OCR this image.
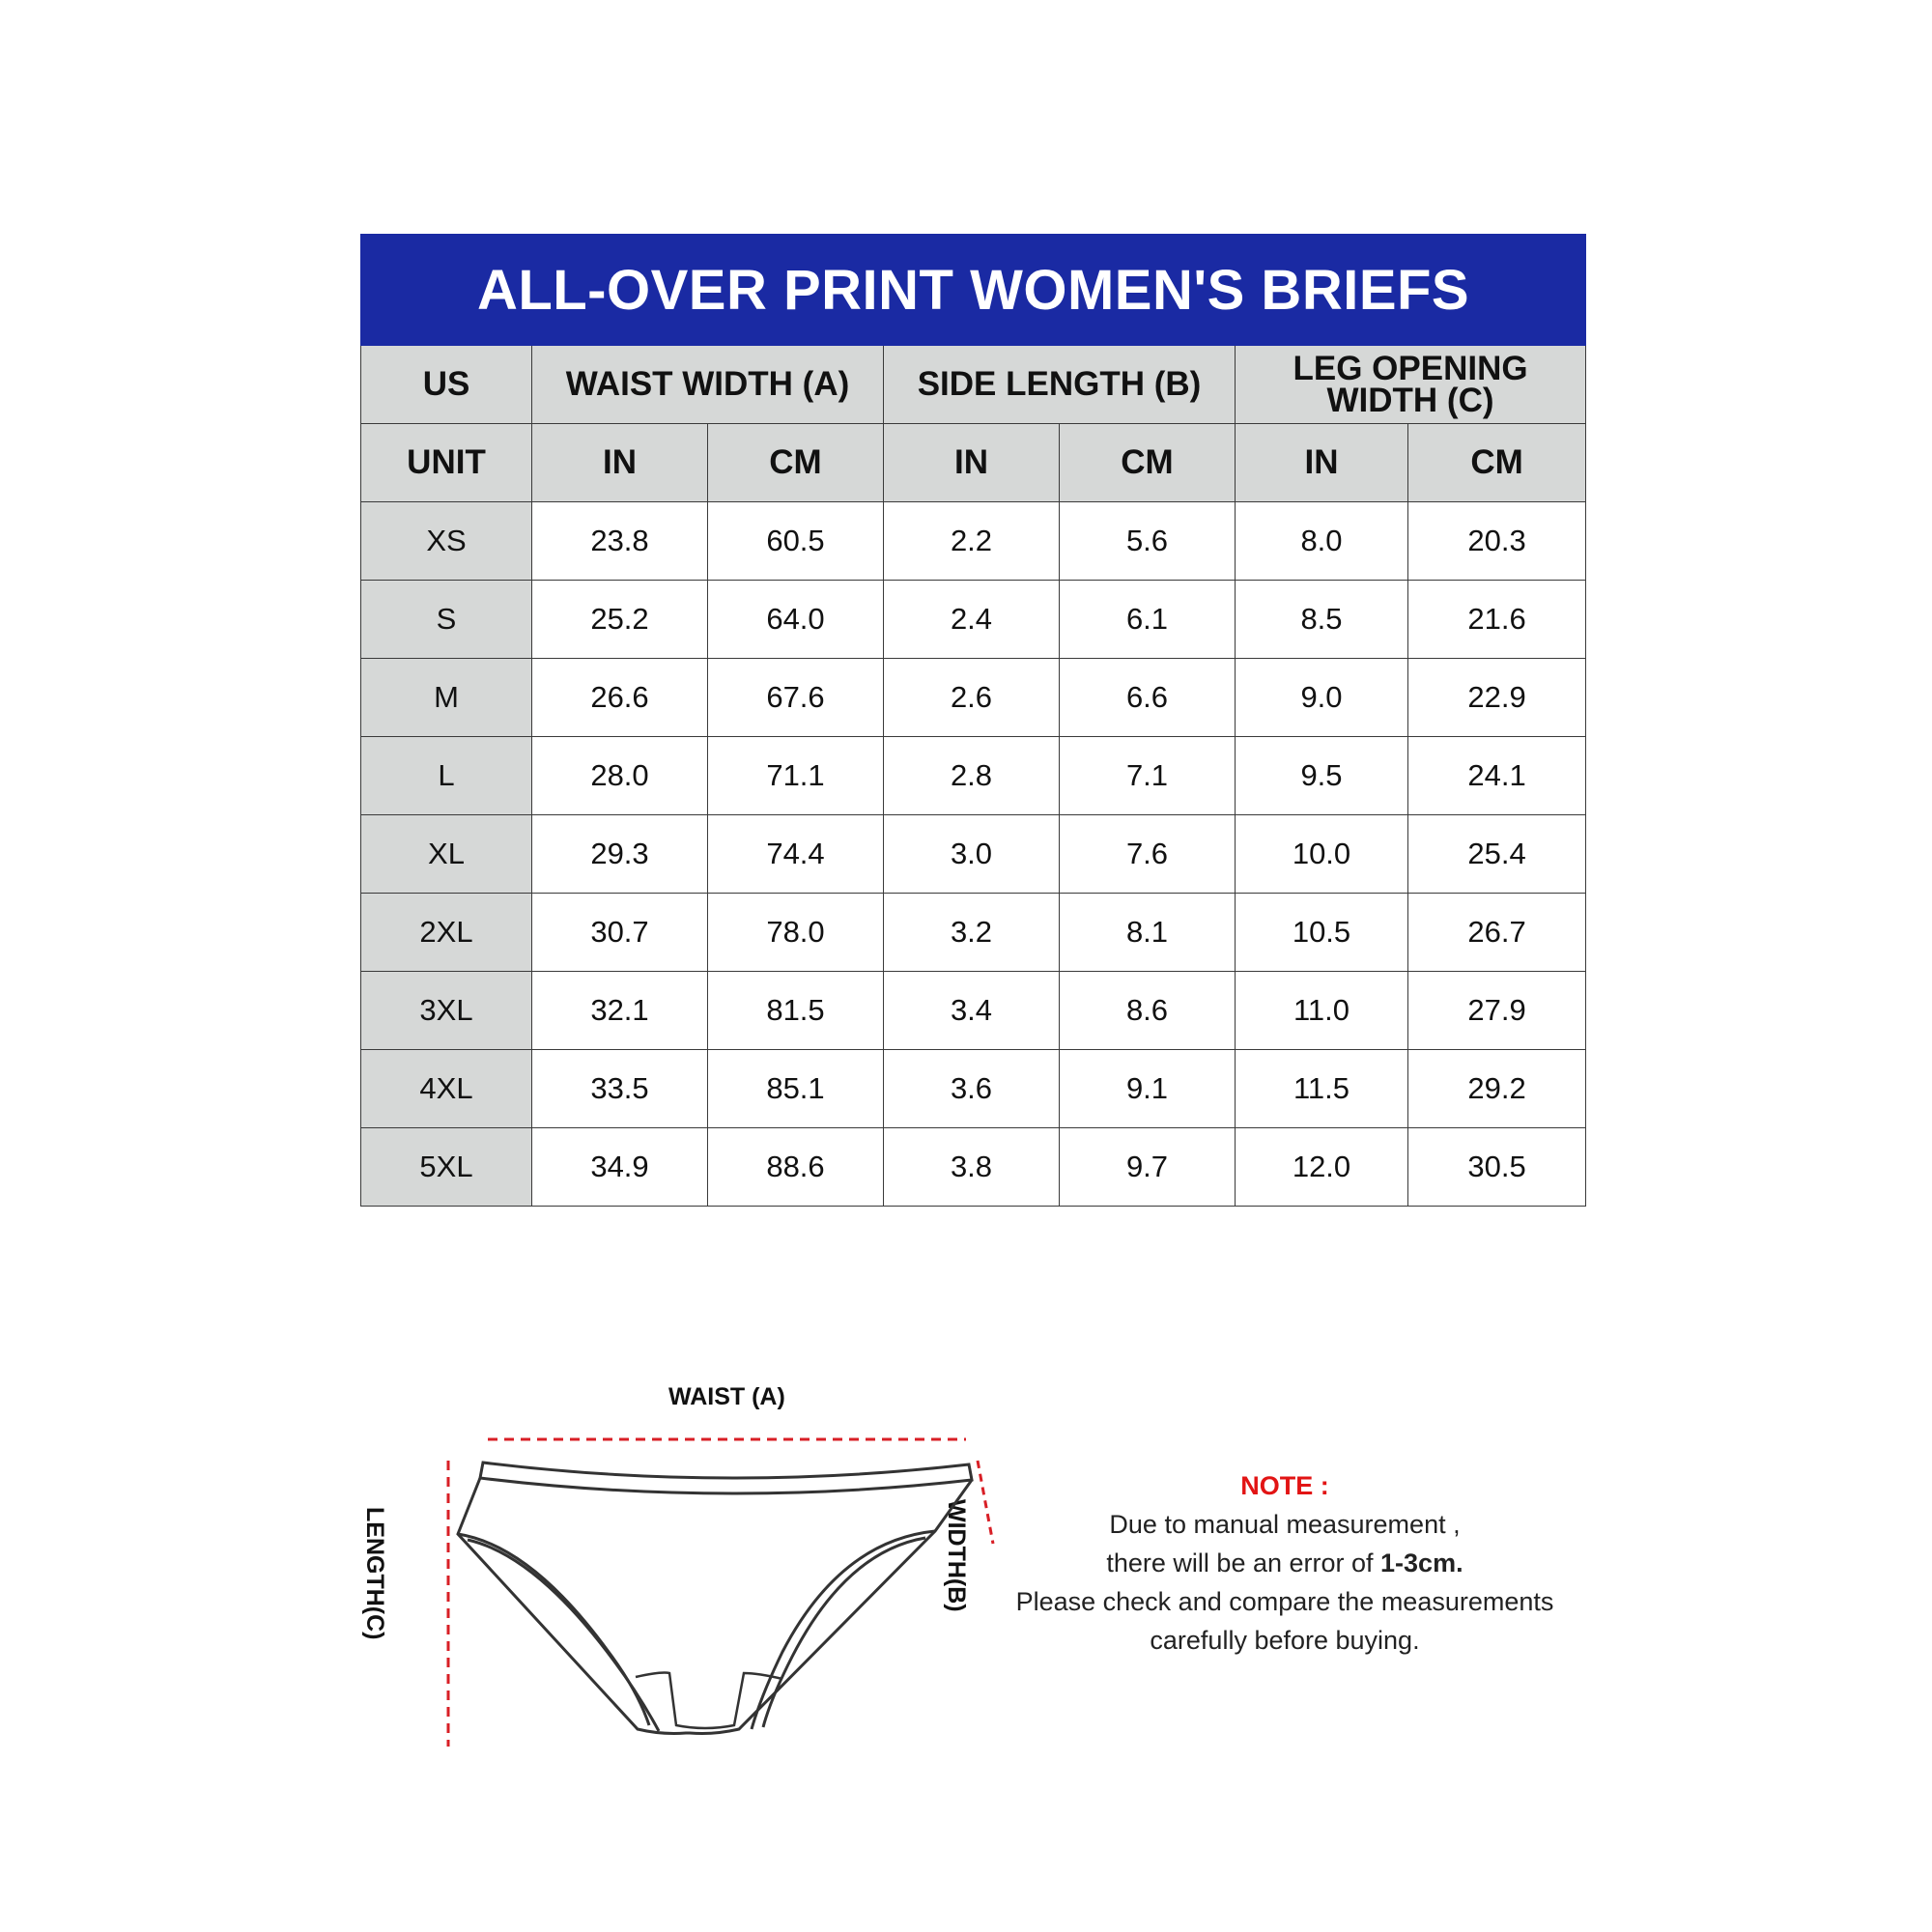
ALL-OVER PRINT WOMEN'S BRIEFS						
US	WAIST WIDTH (A)		SIDE LENGTH (B)		LEG OPENING WIDTH (C)	
UNIT	IN	CM	IN	CM	IN	CM
XS	23.8	60.5	2.2	5.6	8.0	20.3
S	25.2	64.0	2.4	6.1	8.5	21.6
M	26.6	67.6	2.6	6.6	9.0	22.9
L	28.0	71.1	2.8	7.1	9.5	24.1
XL	29.3	74.4	3.0	7.6	10.0	25.4
2XL	30.7	78.0	3.2	8.1	10.5	26.7
3XL	32.1	81.5	3.4	8.6	11.0	27.9
4XL	33.5	85.1	3.6	9.1	11.5	29.2
5XL	34.9	88.6	3.8	9.7	12.0	30.5
WAIST (A)
WIDTH(B)
LENGTH(C)
NOTE :
Due to manual measurement ,
there will be an error of 1-3cm.
Please check and compare the measurements
carefully before buying.
